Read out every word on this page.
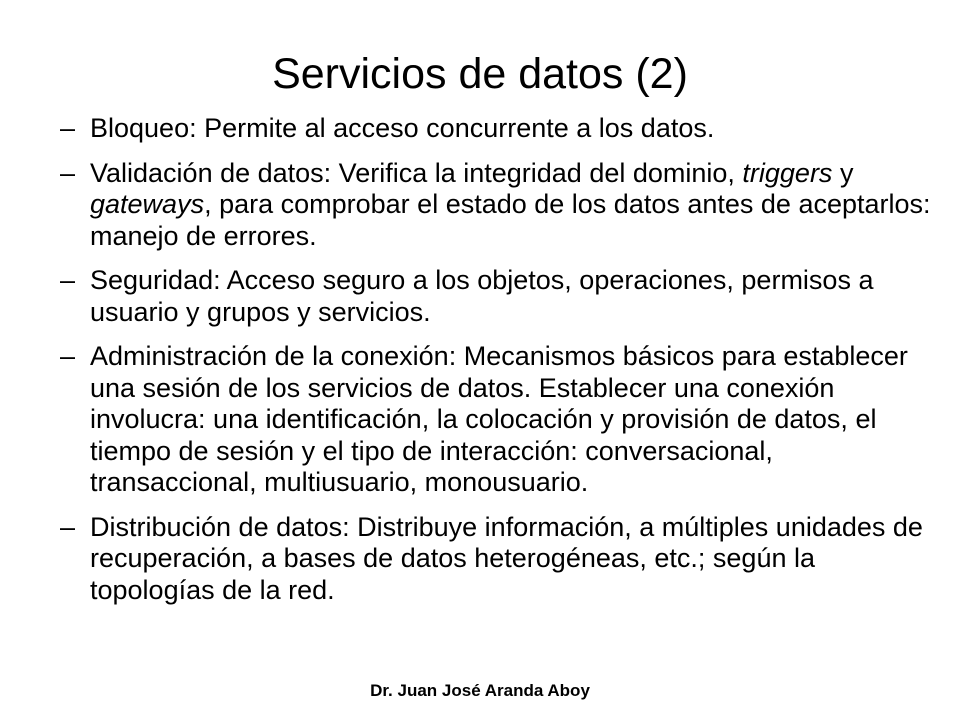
Servicios de datos (2)
– Bloqueo: Permite al acceso concurrente a los datos.
– Validación de datos: Verifica la integridad del dominio, triggers y gateways, para comprobar el estado de los datos antes de aceptarlos: manejo de errores.
– Seguridad: Acceso seguro a los objetos, operaciones, permisos a usuario y grupos y servicios.
– Administración de la conexión: Mecanismos básicos para establecer una sesión de los servicios de datos. Establecer una conexión involucra: una identificación, la colocación y provisión de datos, el tiempo de sesión y el tipo de interacción: conversacional, transaccional, multiusuario, monousuario.
– Distribución de datos: Distribuye información, a múltiples unidades de recuperación, a bases de datos heterogéneas, etc.; según la topologías de la red.
Dr. Juan José Aranda Aboy
